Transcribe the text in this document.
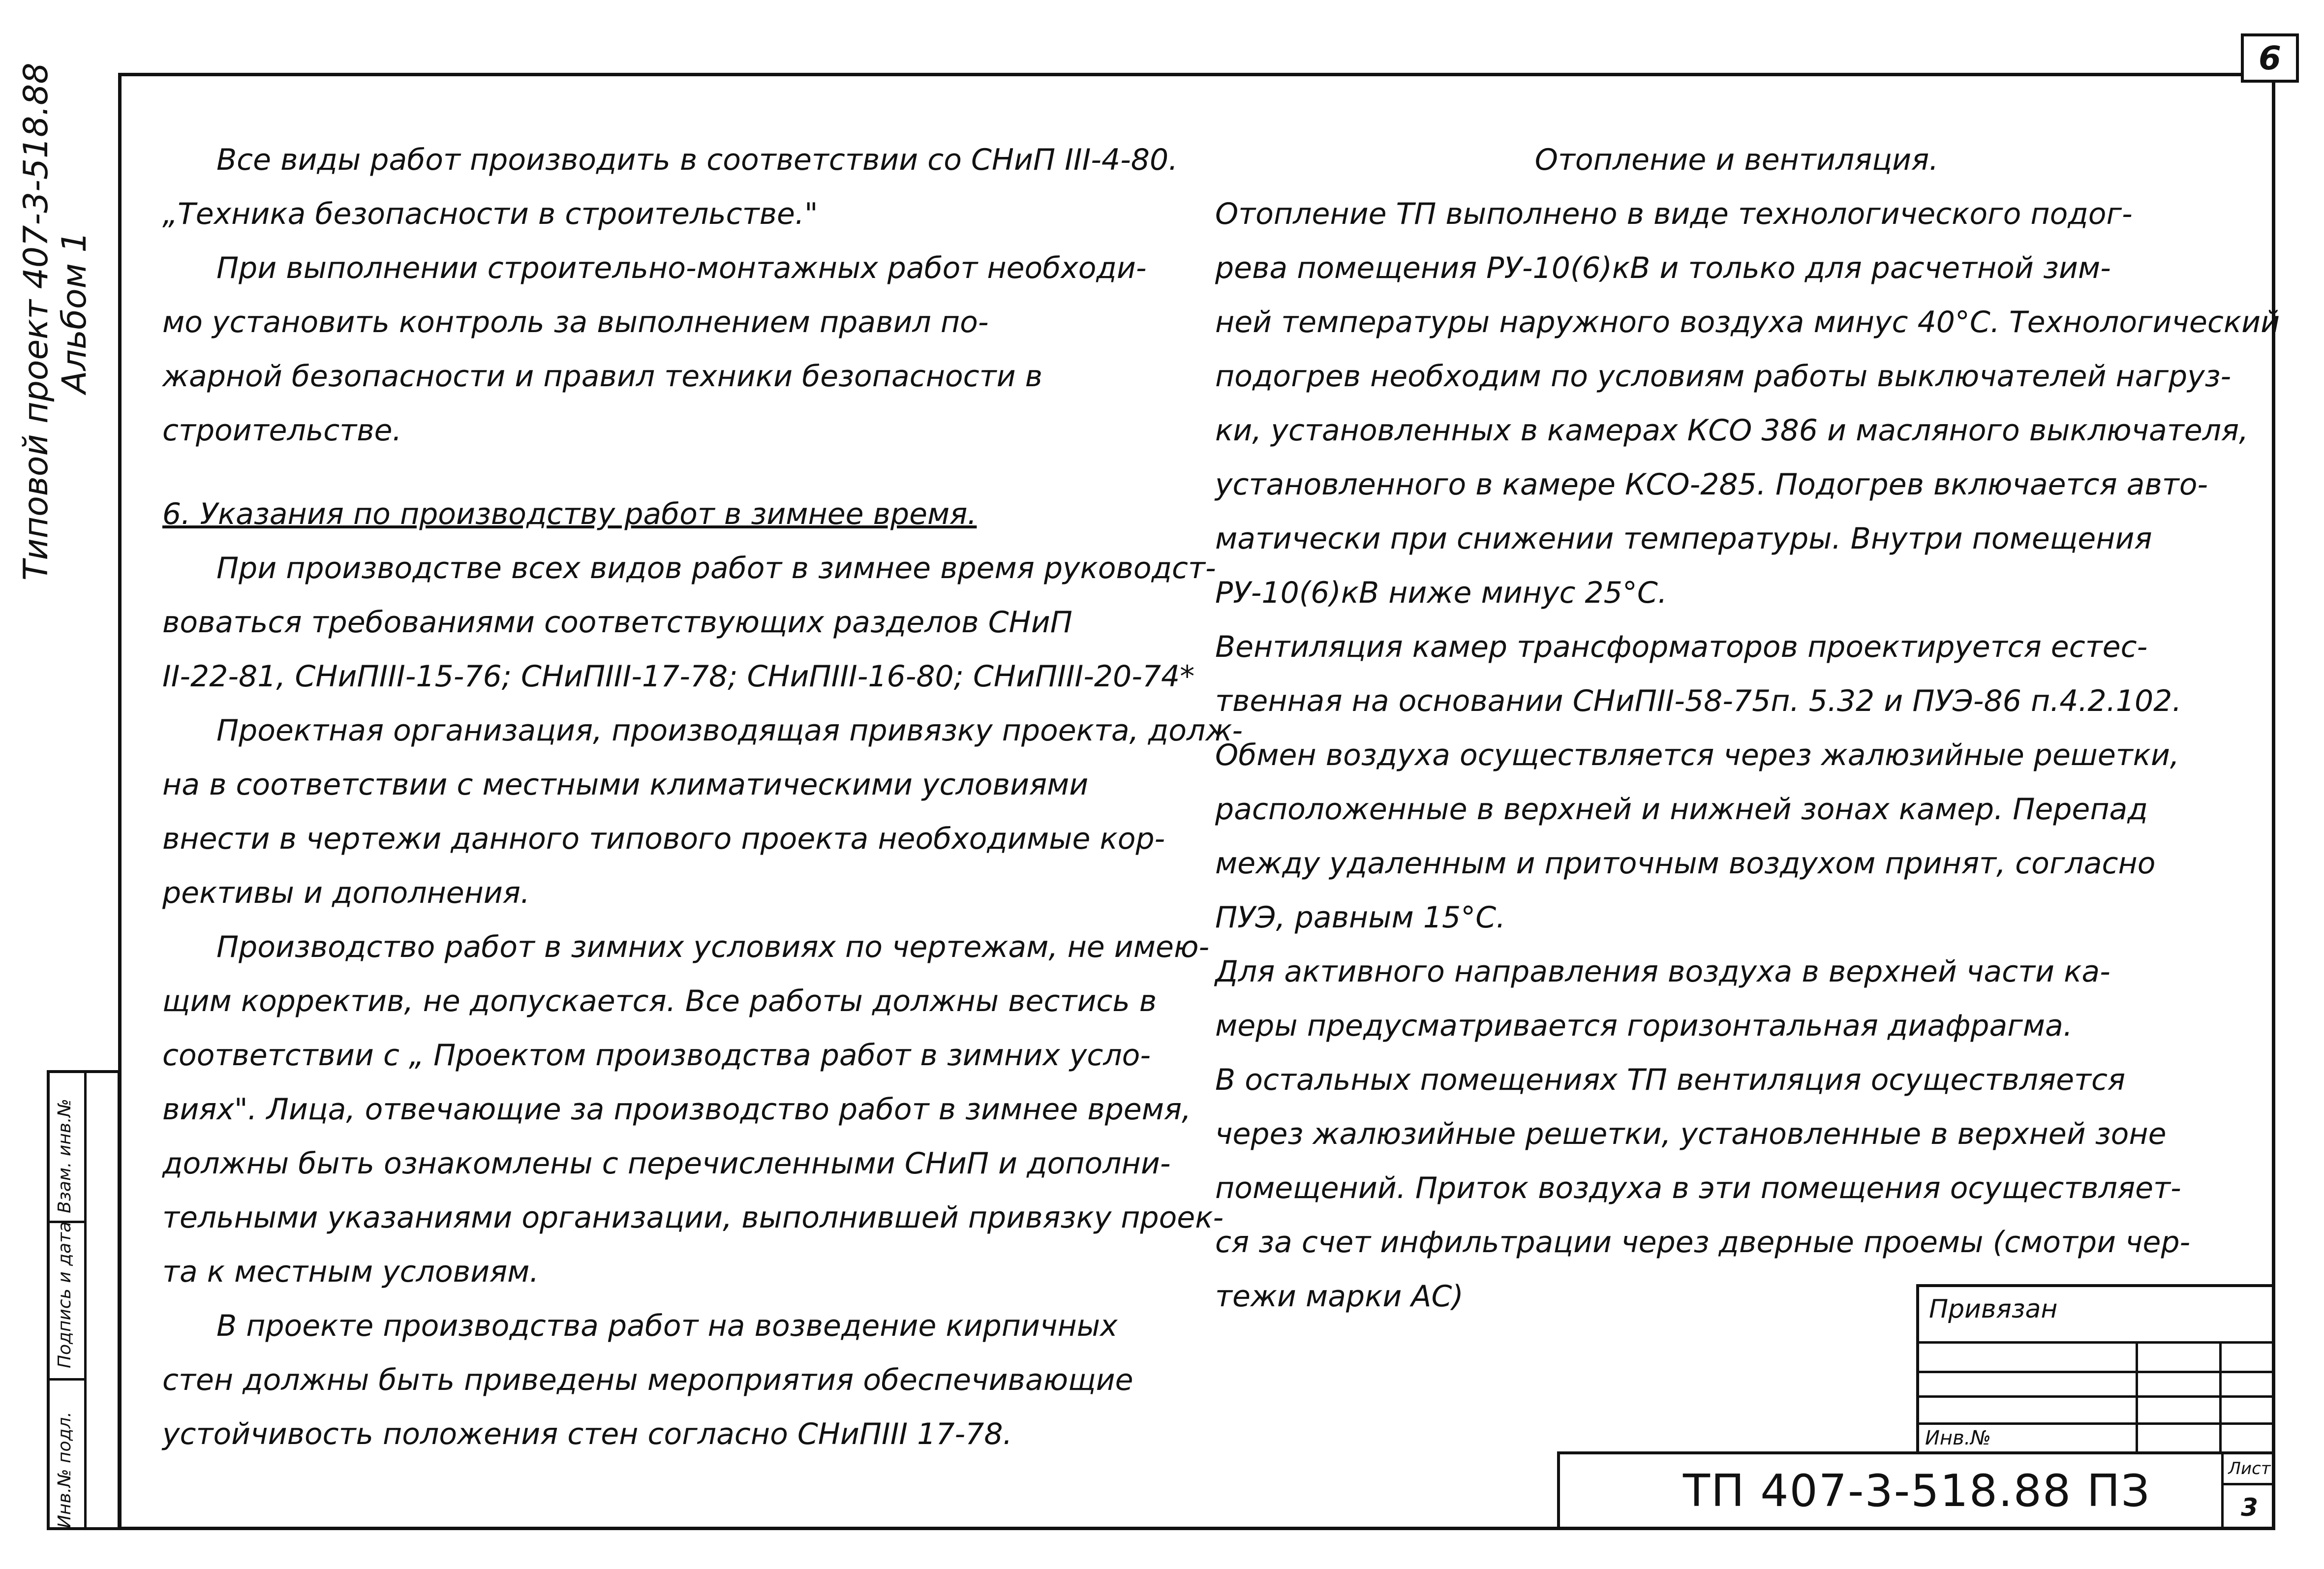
6
Типовой проект 407-3-518.88 Альбом 1
Инв.№ подл.
Подпись и дата
Взам. инв.№

Все виды работ производить в соответствии со СНиП III-4-80.

„Техника безопасности в строительстве."

При выполнении строительно-монтажных работ необходи-

мо установить контроль за выполнением правил по-

жарной безопасности и правил техники безопасности в

строительстве.

6. Указания по производству работ в зимнее время.

При производстве всех видов работ в зимнее время руководст-

воваться требованиями соответствующих разделов СНиП

II-22-81, СНиПIII-15-76; СНиПIII-17-78; СНиПIII-16-80; СНиПIII-20-74*

Проектная организация, производящая привязку проекта, долж-

на в соответствии с местными климатическими условиями

внести в чертежи данного типового проекта необходимые кор-

рективы и дополнения.

Производство работ в зимних условиях по чертежам, не имею-

щим корректив, не допускается. Все работы должны вестись в

соответствии с „ Проектом производства работ в зимних усло-

виях". Лица, отвечающие за производство работ в зимнее время,

должны быть ознакомлены с перечисленными СНиП и дополни-

тельными указаниями организации, выполнившей привязку проек-

та к местным условиям.

В проекте производства работ на возведение кирпичных

стен должны быть приведены мероприятия обеспечивающие

устойчивость положения стен согласно СНиПIII 17-78.

Отопление и вентиляция.

Отопление ТП выполнено в виде технологического подог-

рева помещения РУ-10(6)кВ и только для расчетной зим-

ней температуры наружного воздуха минус 40°С. Технологический

подогрев необходим по условиям работы выключателей нагруз-

ки, установленных в камерах КСО 386 и масляного выключателя,

установленного в камере КСО-285. Подогрев включается авто-

матически при снижении температуры. Внутри помещения

РУ-10(6)кВ ниже минус 25°С.

Вентиляция камер трансформаторов проектируется естес-

твенная на основании СНиПII-58-75п. 5.32 и ПУЭ-86 п.4.2.102.

Обмен воздуха осуществляется через жалюзийные решетки,

расположенные в верхней и нижней зонах камер. Перепад

между удаленным и приточным воздухом принят, согласно

ПУЭ, равным 15°С.

Для активного направления воздуха в верхней части ка-

меры предусматривается горизонтальная диафрагма.

В остальных помещениях ТП вентиляция осуществляется

через жалюзийные решетки, установленные в верхней зоне

помещений. Приток воздуха в эти помещения осуществляет-

ся за счет инфильтрации через дверные проемы (смотри чер-

тежи марки АС)	Привязан
Инв.№
ТП 407-3-518.88 ПЗ	Лист
3
